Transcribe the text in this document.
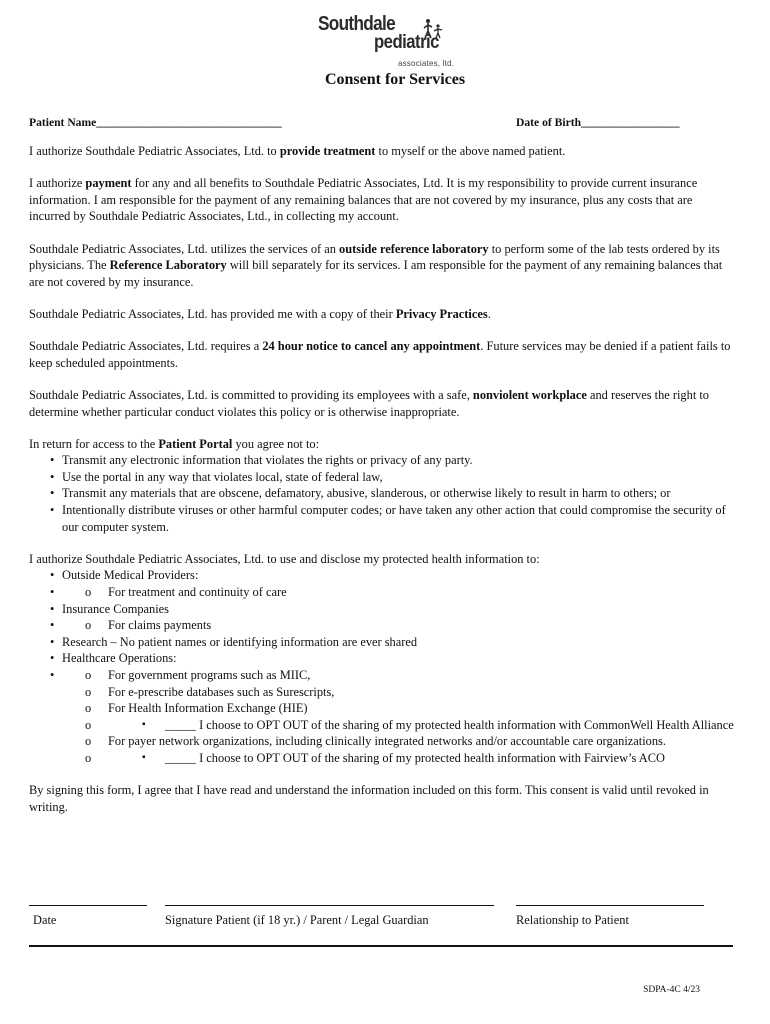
Southdale
pediatric
associates, ltd.
Consent for Services
Patient Name________________________________	Date of Birth_________________

I authorize Southdale Pediatric Associates, Ltd. to provide treatment to myself or the above named patient.

I authorize payment for any and all benefits to Southdale Pediatric Associates, Ltd. It is my responsibility to provide current insurance information. I am responsible for the payment of any remaining balances that are not covered by my insurance, plus any costs that are incurred by Southdale Pediatric Associates, Ltd., in collecting my account.

Southdale Pediatric Associates, Ltd. utilizes the services of an outside reference laboratory to perform some of the lab tests ordered by its physicians. The Reference Laboratory will bill separately for its services. I am responsible for the payment of any remaining balances that are not covered by my insurance.

Southdale Pediatric Associates, Ltd. has provided me with a copy of their Privacy Practices.

Southdale Pediatric Associates, Ltd. requires a 24 hour notice to cancel any appointment. Future services may be denied if a patient fails to keep scheduled appointments.

Southdale Pediatric Associates, Ltd. is committed to providing its employees with a safe, nonviolent workplace and reserves the right to determine whether particular conduct violates this policy or is otherwise inappropriate.

In return for access to the Patient Portal you agree not to:

• Transmit any electronic information that violates the rights or privacy of any party.
• Use the portal in any way that violates local, state of federal law,
• Transmit any materials that are obscene, defamatory, abusive, slanderous, or otherwise likely to result in harm to others; or
• Intentionally distribute viruses or other harmful computer codes; or have taken any other action that could compromise the security of our computer system.

I authorize Southdale Pediatric Associates, Ltd. to use and disclose my protected health information to:

• Outside Medical Providers:
o • For treatment and continuity of care
• Insurance Companies
o • For claims payments
• Research – No patient names or identifying information are ever shared
• Healthcare Operations:
o • For government programs such as MIIC,
o For e-prescribe databases such as Surescripts,
o For Health Information Exchange (HIE)
▪ o _____ I choose to OPT OUT of the sharing of my protected health information with CommonWell Health Alliance
o For payer network organizations, including clinically integrated networks and/or accountable care organizations.
▪ o _____ I choose to OPT OUT of the sharing of my protected health information with Fairview’s ACO

By signing this form, I agree that I have read and understand the information included on this form. This consent is valid until revoked in writing.

Date	Signature Patient (if 18 yr.) / Parent / Legal Guardian	Relationship to Patient
SDPA-4C 4/23
